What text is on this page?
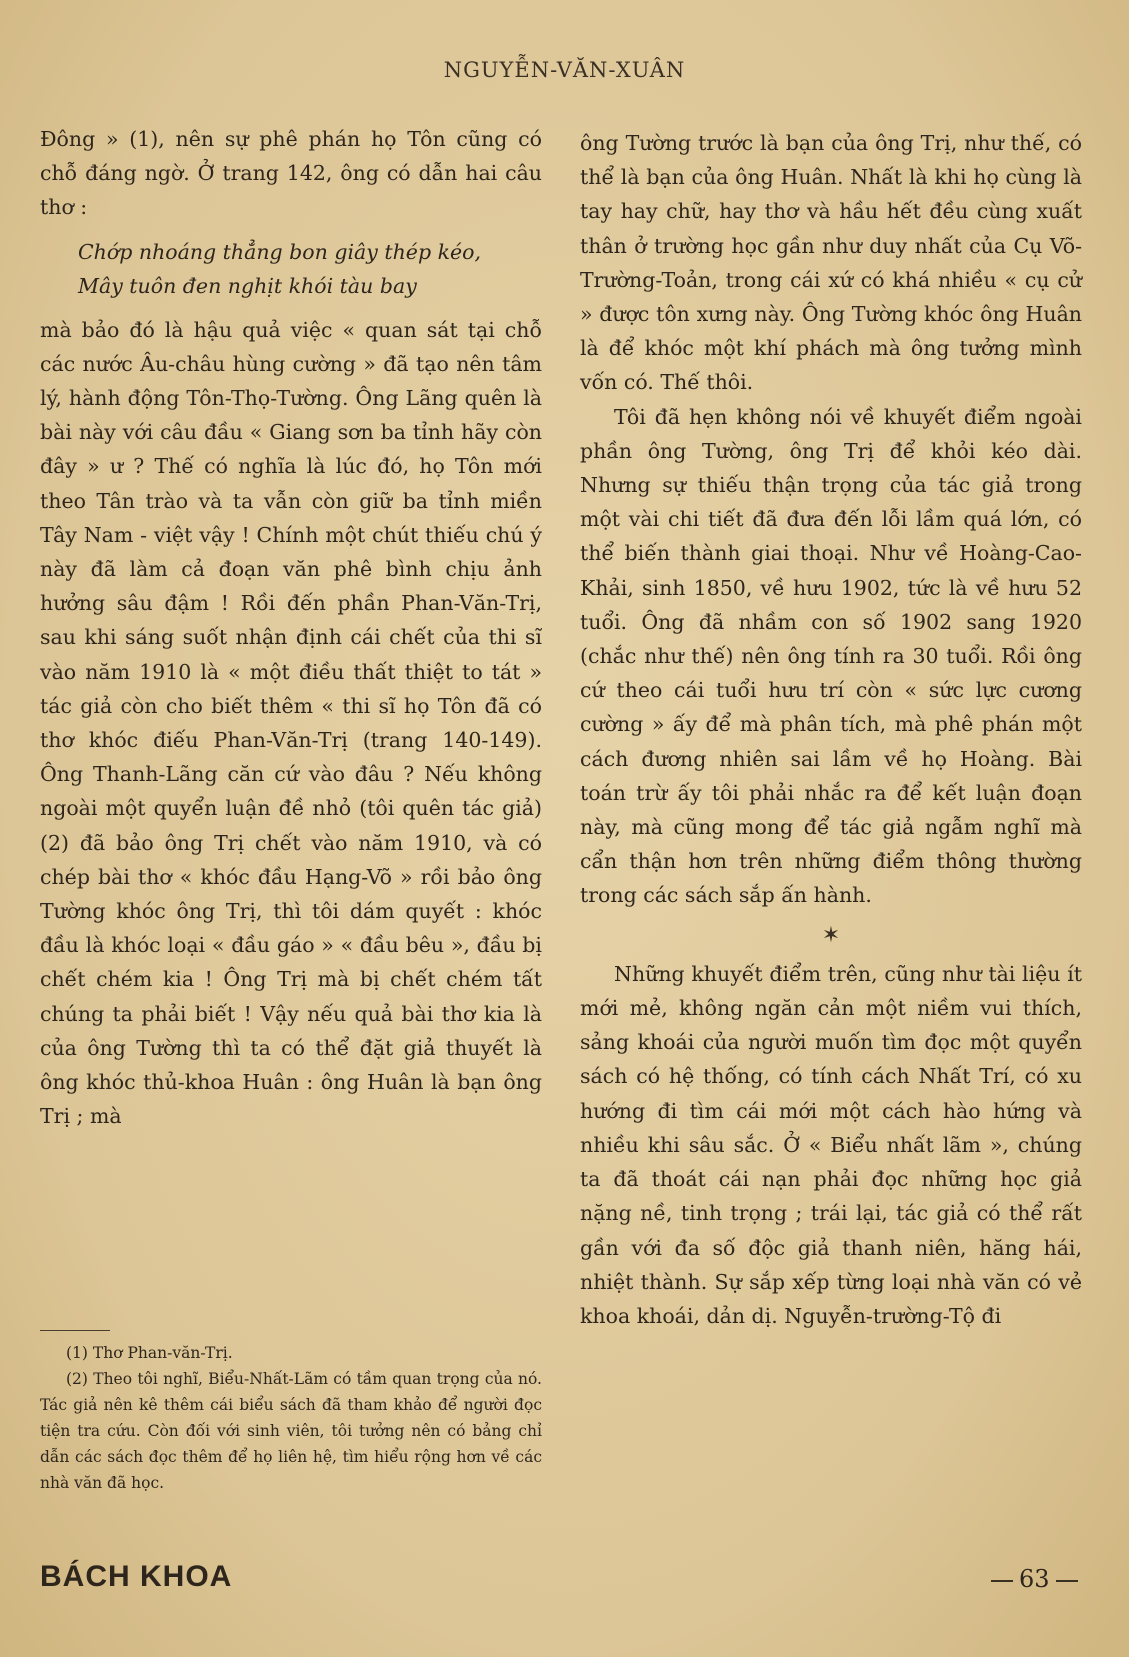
NGUYỄN-VĂN-XUÂN

Đông » (1), nên sự phê phán họ Tôn cũng có chỗ đáng ngờ. Ở trang 142, ông có dẫn hai câu thơ :

Chớp nhoáng thẳng bon giây thép kéo,

Mây tuôn đen nghịt khói tàu bay

mà bảo đó là hậu quả việc « quan sát tại chỗ các nước Âu-châu hùng cường » đã tạo nên tâm lý, hành động Tôn-Thọ-Tường. Ông Lãng quên là bài này với câu đầu « Giang sơn ba tỉnh hãy còn đây » ư ? Thế có nghĩa là lúc đó, họ Tôn mới theo Tân trào và ta vẫn còn giữ ba tỉnh miền Tây Nam - việt vậy ! Chính một chút thiếu chú ý này đã làm cả đoạn văn phê bình chịu ảnh hưởng sâu đậm ! Rồi đến phần Phan-Văn-Trị, sau khi sáng suốt nhận định cái chết của thi sĩ vào năm 1910 là « một điều thất thiệt to tát » tác giả còn cho biết thêm « thi sĩ họ Tôn đã có thơ khóc điếu Phan-Văn-Trị (trang 140-149). Ông Thanh-Lãng căn cứ vào đâu ? Nếu không ngoài một quyển luận đề nhỏ (tôi quên tác giả) (2) đã bảo ông Trị chết vào năm 1910, và có chép bài thơ « khóc đầu Hạng-Võ » rồi bảo ông Tường khóc ông Trị, thì tôi dám quyết : khóc đầu là khóc loại « đầu gáo » « đầu bêu », đầu bị chết chém kia ! Ông Trị mà bị chết chém tất chúng ta phải biết ! Vậy nếu quả bài thơ kia là của ông Tường thì ta có thể đặt giả thuyết là ông khóc thủ-khoa Huân : ông Huân là bạn ông Trị ; mà

ông Tường trước là bạn của ông Trị, như thế, có thể là bạn của ông Huân. Nhất là khi họ cùng là tay hay chữ, hay thơ và hầu hết đều cùng xuất thân ở trường học gần như duy nhất của Cụ Võ-Trường-Toản, trong cái xứ có khá nhiều « cụ cử » được tôn xưng này. Ông Tường khóc ông Huân là để khóc một khí phách mà ông tưởng mình vốn có. Thế thôi.

Tôi đã hẹn không nói về khuyết điểm ngoài phần ông Tường, ông Trị để khỏi kéo dài. Nhưng sự thiếu thận trọng của tác giả trong một vài chi tiết đã đưa đến lỗi lầm quá lớn, có thể biến thành giai thoại. Như về Hoàng-Cao-Khải, sinh 1850, về hưu 1902, tức là về hưu 52 tuổi. Ông đã nhầm con số 1902 sang 1920 (chắc như thế) nên ông tính ra 30 tuổi. Rồi ông cứ theo cái tuổi hưu trí còn « sức lực cương cường » ấy để mà phân tích, mà phê phán một cách đương nhiên sai lầm về họ Hoàng. Bài toán trừ ấy tôi phải nhắc ra để kết luận đoạn này, mà cũng mong để tác giả ngẫm nghĩ mà cẩn thận hơn trên những điểm thông thường trong các sách sắp ấn hành.

✶

Những khuyết điểm trên, cũng như tài liệu ít mới mẻ, không ngăn cản một niềm vui thích, sảng khoái của người muốn tìm đọc một quyển sách có hệ thống, có tính cách Nhất Trí, có xu hướng đi tìm cái mới một cách hào hứng và nhiều khi sâu sắc. Ở « Biểu nhất lãm », chúng ta đã thoát cái nạn phải đọc những học giả nặng nề, tinh trọng ; trái lại, tác giả có thể rất gần với đa số độc giả thanh niên, hăng hái, nhiệt thành. Sự sắp xếp từng loại nhà văn có vẻ khoa khoái, dản dị. Nguyễn-trường-Tộ đi

(1) Thơ Phan-văn-Trị.

(2) Theo tôi nghĩ, Biểu-Nhất-Lãm có tầm quan trọng của nó. Tác giả nên kê thêm cái biểu sách đã tham khảo để người đọc tiện tra cứu. Còn đối với sinh viên, tôi tưởng nên có bảng chỉ dẫn các sách đọc thêm để họ liên hệ, tìm hiểu rộng hơn về các nhà văn đã học.

BÁCH KHOA	63
